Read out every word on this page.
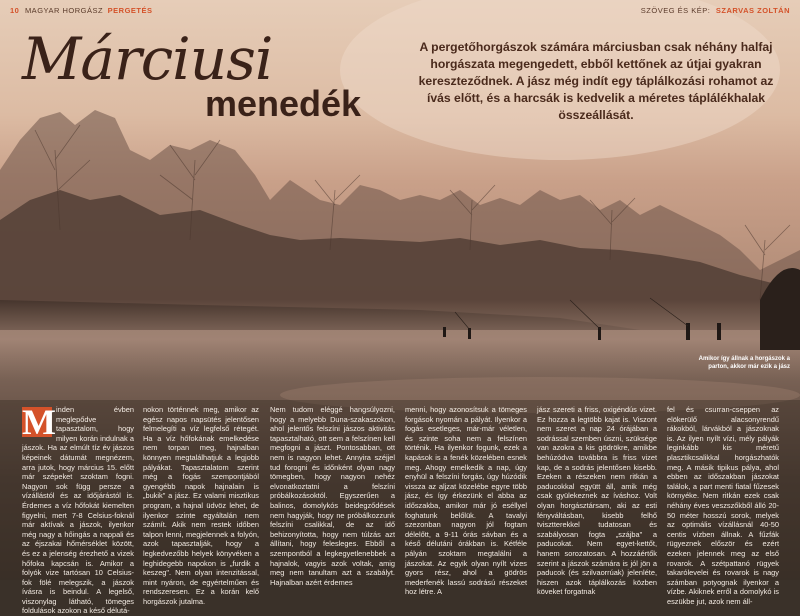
10 MAGYAR HORGÁSZ PERGETÉS	SZÖVEG ÉS KÉP: SZARVAS ZOLTÁN
Márciusi
menedék
A pergetőhorgászok számára márciusban csak néhány halfaj horgászata megengedett, ebből kettőnek az útjai gyakran kereszteződnek. A jász még indít egy táplálkozási rohamot az ívás előtt, és a harcsák is kedvelik a méretes táplálékhalak összeállását.
Amikor így állnak a horgászok a parton, akkor már ezik a jász
M inden évben meglepődve tapasztalom, hogy milyen korán indulnak a jászok. Ha az elmúlt tíz év jászos képeinek dátumát megnézem, arra jutok, hogy március 15. előtt már szépeket szoktam fogni. Nagyon sok függ persze a vízállástól és az időjárástól is. Érdemes a víz hőfokát kiemelten figyelni, mert 7-8 Celsius-foknál már aktívak a jászok, ilyenkor még nagy a hőingás a nappali és az éjszakai hőmérséklet között, és ez a jelenség érezhető a vizek hőfoka kapcsán is. Amikor a folyók vize tartósan 10 Celsius-fok fölé melegszik, a jászok ívásra is beindul. A legelső, viszonylag látható, tömeges foldulások azokon a késő délutá-
nokon történnek meg, amikor az egész napos napsütés jelentősen felmelegíti a víz legfelső rétegét. Ha a víz hőfokának emelkedése nem torpan meg, hajnalban könnyen megtalálhatjuk a legjobb pályákat. Tapasztalatom szerint még a fogás szempontjából gyengébb napok hajnalain is „bukik" a jász. Ez valami misztikus program, a hajnal üdvöz lehet, de ilyenkor szinte egyáltalán nem számít. Akik nem restek időben talpon lenni, megjelennek a folyón, azok tapasztalják, hogy a legkedvezőbb helyek könyvéken a leghidegebb napokon is „furdik a keszeg". Nem olyan intenzitással, mint nyáron, de egyértelműen és rendszeresen. Ez a korán kelő horgászok jutalma.
Nem tudom eléggé hangsúlyozni, hogy a melyebb Duna-szakaszokon, ahol jelentős felszíni jászos aktivitás tapasztalható, ott sem a felszínen kell megfogni a jászt. Pontosabban, ott nem is nagyon lehet. Annyira széjjel tud forogni és időnként olyan nagy tömegben, hogy nagyon nehéz elvonatkoztatni a felszíni próbálkozásoktól. Egyszerűen a balinos, domolykós beidegződések nem hagyják, hogy ne próbálkozzunk felszíni csalikkal, de az idő behizonyította, hogy nem túlzás azt állítani, hogy felesleges. Ebből a szempontból a legkegyetlenebbek a hajnalok, vagyis azok voltak, amig meg nem tanultam azt a szabályt. Hajnalban azért érdemes
menni, hogy azonosítsuk a tömeges forgások nyomán a pályát. Ilyenkor a fogás esetleges, már-már véletlen, és szinte soha nem a felszínen történik. Ha ilyenkor fogunk, ezek a kapások is a fenék közelében esnek meg. Ahogy emelkedik a nap, úgy enyhül a felszíni forgás, úgy húzódik vissza az aljzat közelébe egyre több jász, és így érkezünk el abba az időszakba, amikor már jó eséllyel foghatunk belőlük. A tavalyi szezonban nagyon jól fogtam délelőtt, a 9-11 órás sávban és a késő délutáni órákban is. Kétféle pályán szoktam megtalálni a jászokat. Az egyik olyan nyílt vizes gyors rész, ahol a gödrös mederfenék lassú sodrású részeket hoz létre. A
jász szereti a friss, oxigéndús vizet. Ez hozza a legtöbb kajat is. Viszont nem szeret a nap 24 órájában a sodrással szemben úszni, szüksége van azokra a kis gödrökre, amikbe behúzódva továbbra is friss vizet kap, de a sodrás jelentősen kisebb. Ezeken a részeken nem ritkán a paducokkal együtt áll, amik még csak gyülekeznek az íváshoz. Volt olyan horgásztársam, aki az esti fényváltásban, kisebb felhő tvisztterekkel tudatosan és szabályosan fogta „szájba" a paducokat. Nem egyet-kettőt, hanem sorozatosan. A hozzáértők szerint a jászok számára is jól jön a paducok (és szilvaorrúak) jelenléte, hiszen azok táplálkozás közben köveket forgatnak
fel és csurran-cseppen az elökerülő alacsonyrendű rákokból, lárvákból a jászoknak is. Az ilyen nyílt vízi, mély pályák leginkább kis méretű plasztikcsalikkal horgászhatók meg. A másik tipikus pálya, ahol ebben az időszakban jászokat találok, a part menti fiatal fűzesek környéke. Nem ritkán ezek csak néhány éves veszszőkből álló 20-50 méter hosszú sorok, melyek az optimális vízállásnál 40-50 centis vízben állnak. A fűzfák rügyeznek először és ezért ezeken jelennek meg az első rovarok. A szétpattanó rügyek takarólevelei és rovarok is nagy számban potyognak ilyenkor a vízbe. Akiknek erről a domolykó is eszükbe jut, azok nem áll-
